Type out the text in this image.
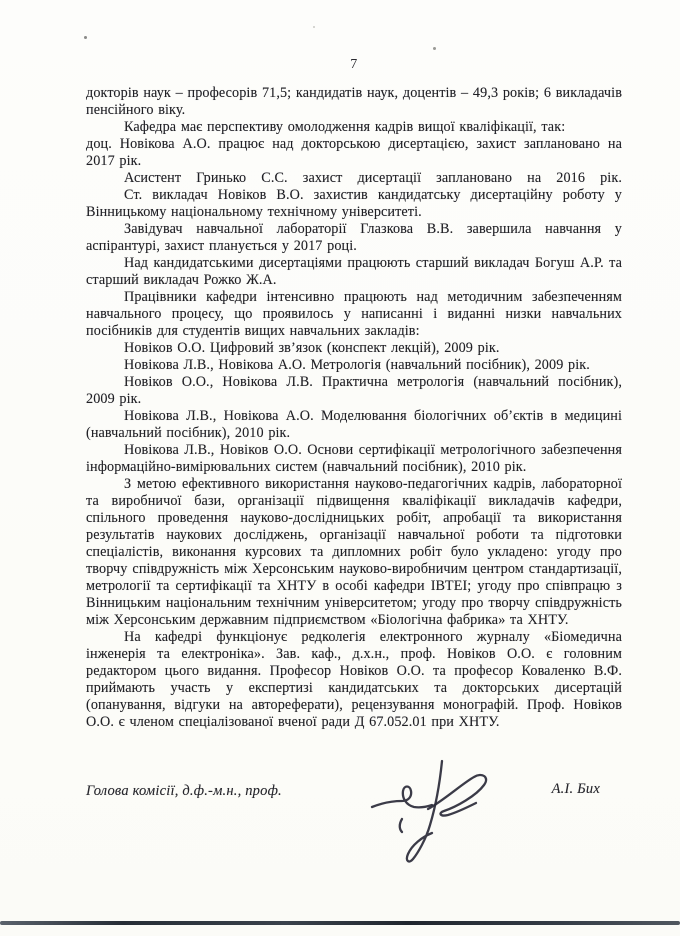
7

докторів наук – професорів 71,5; кандидатів наук, доцентів – 49,3 років; 6 викладачів пенсійного віку.

Кафедра має перспективу омолодження кадрів вищої кваліфікації, так:

доц. Новікова А.О. працює над докторською дисертацією, захист заплановано на 2017 рік.

Асистент Гринько С.С. захист дисертації заплановано на 2016 рік.

Ст. викладач Новіков В.О. захистив кандидатську дисертаційну роботу у Вінницькому національному технічному університеті.

Завідувач навчальної лабораторії Глазкова В.В. завершила навчання у аспірантурі, захист планується у 2017 році.

Над кандидатськими дисертаціями працюють старший викладач Богуш А.Р. та старший викладач Рожко Ж.А.

Працівники кафедри інтенсивно працюють над методичним забезпеченням навчального процесу, що проявилось у написанні і виданні низки навчальних посібників для студентів вищих навчальних закладів:

Новіков О.О. Цифровий зв’язок (конспект лекцій), 2009 рік.

Новікова Л.В., Новікова А.О. Метрологія (навчальний посібник), 2009 рік.

Новіков О.О., Новікова Л.В. Практична метрологія (навчальний посібник), 2009 рік.

Новікова Л.В., Новікова А.О. Моделювання біологічних об’єктів в медицині (навчальний посібник), 2010 рік.

Новікова Л.В., Новіков О.О. Основи сертифікації метрологічного забезпечення інформаційно-вимірювальних систем (навчальний посібник), 2010 рік.

З метою ефективного використання науково-педагогічних кадрів, лабораторної та виробничої бази, організації підвищення кваліфікації викладачів кафедри, спільного проведення науково-дослідницьких робіт, апробації та використання результатів наукових досліджень, організації навчальної роботи та підготовки спеціалістів, виконання курсових та дипломних робіт було укладено: угоду про творчу співдружність між Херсонським науково-виробничим центром стандартизації, метрології та сертифікації та ХНТУ в особі кафедри ІВТЕІ; угоду про співпрацю з Вінницьким національним технічним університетом; угоду про творчу співдружність між Херсонським державним підприємством «Біологічна фабрика» та ХНТУ.

На кафедрі функціонує редколегія електронного журналу «Біомедична інженерія та електроніка». Зав. каф., д.х.н., проф. Новіков О.О. є головним редактором цього видання. Професор Новіков О.О. та професор Коваленко В.Ф. приймають участь у експертизі кандидатських та докторських дисертацій (опанування, відгуки на автореферати), рецензування монографій. Проф. Новіков О.О. є членом спеціалізованої вченої ради Д 67.052.01 при ХНТУ.

Голова комісії, д.ф.-м.н., проф.	А.І. Бих
